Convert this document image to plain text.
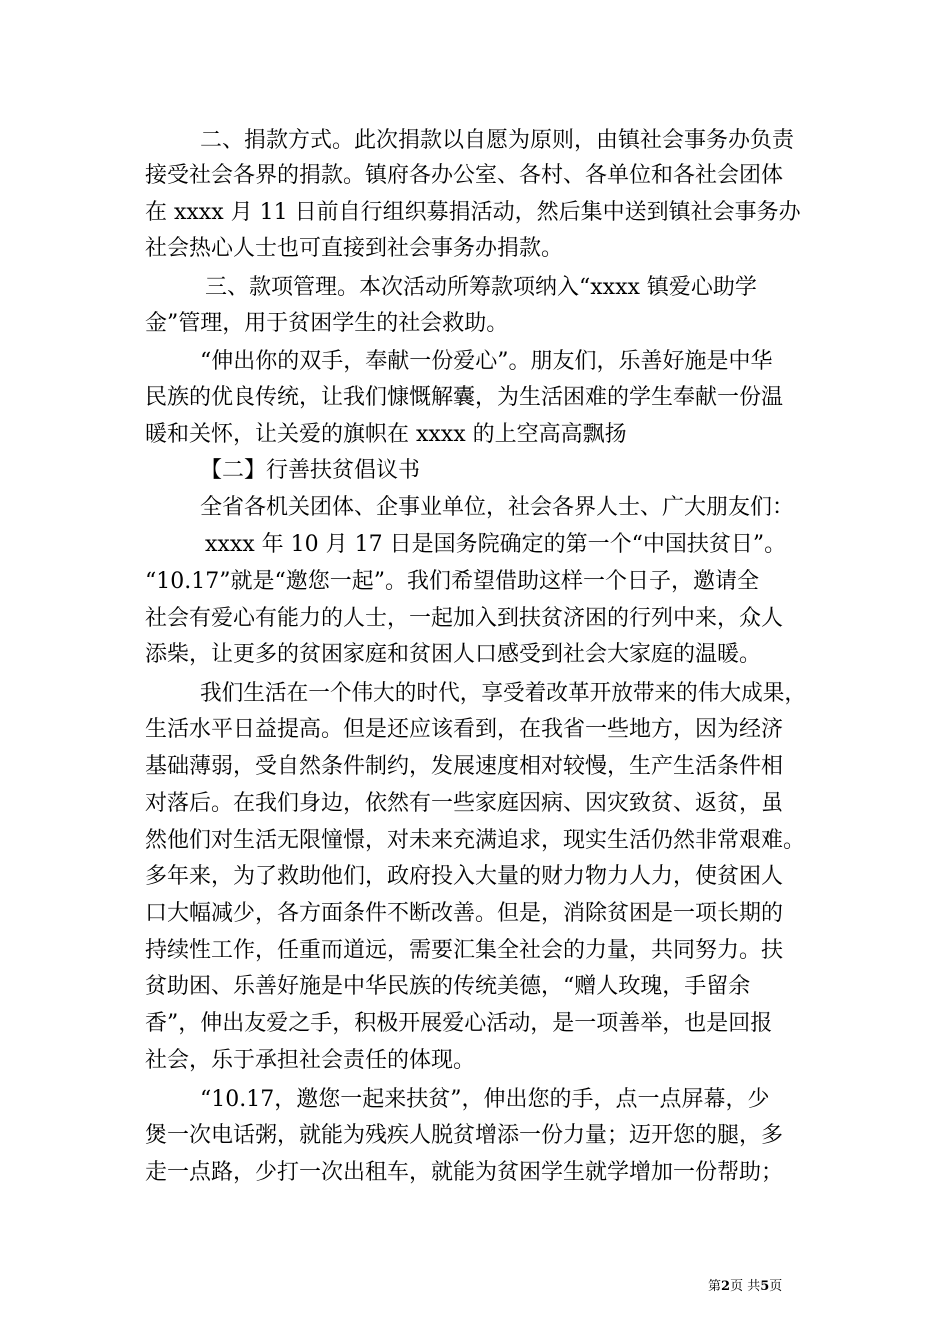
二、捐款方式。此次捐款以自愿为原则，由镇社会事务办负责
接受社会各界的捐款。镇府各办公室、各村、各单位和各社会团体
在 xxxx 月 11 日前自行组织募捐活动，然后集中送到镇社会事务办
社会热心人士也可直接到社会事务办捐款。
三、款项管理。本次活动所筹款项纳入“xxxx 镇爱心助学
金”管理，用于贫困学生的社会救助。
“伸出你的双手，奉献一份爱心”。朋友们，乐善好施是中华
民族的优良传统，让我们慷慨解囊，为生活困难的学生奉献一份温
暖和关怀，让关爱的旗帜在 xxxx 的上空高高飘扬
【二】行善扶贫倡议书
全省各机关团体、企事业单位，社会各界人士、广大朋友们：
xxxx 年 10 月 17 日是国务院确定的第一个“中国扶贫日”。
“10.17”就是“邀您一起”。我们希望借助这样一个日子，邀请全
社会有爱心有能力的人士，一起加入到扶贫济困的行列中来，众人
添柴，让更多的贫困家庭和贫困人口感受到社会大家庭的温暖。
我们生活在一个伟大的时代，享受着改革开放带来的伟大成果，
生活水平日益提高。但是还应该看到，在我省一些地方，因为经济
基础薄弱，受自然条件制约，发展速度相对较慢，生产生活条件相
对落后。在我们身边，依然有一些家庭因病、因灾致贫、返贫，虽
然他们对生活无限憧憬，对未来充满追求，现实生活仍然非常艰难。
多年来，为了救助他们，政府投入大量的财力物力人力，使贫困人
口大幅减少，各方面条件不断改善。但是，消除贫困是一项长期的
持续性工作，任重而道远，需要汇集全社会的力量，共同努力。扶
贫助困、乐善好施是中华民族的传统美德，“赠人玫瑰，手留余
香”，伸出友爱之手，积极开展爱心活动，是一项善举，也是回报
社会，乐于承担社会责任的体现。
“10.17，邀您一起来扶贫”，伸出您的手，点一点屏幕，少
煲一次电话粥，就能为残疾人脱贫增添一份力量；迈开您的腿，多
走一点路，少打一次出租车，就能为贫困学生就学增加一份帮助；
第2页 共5页
